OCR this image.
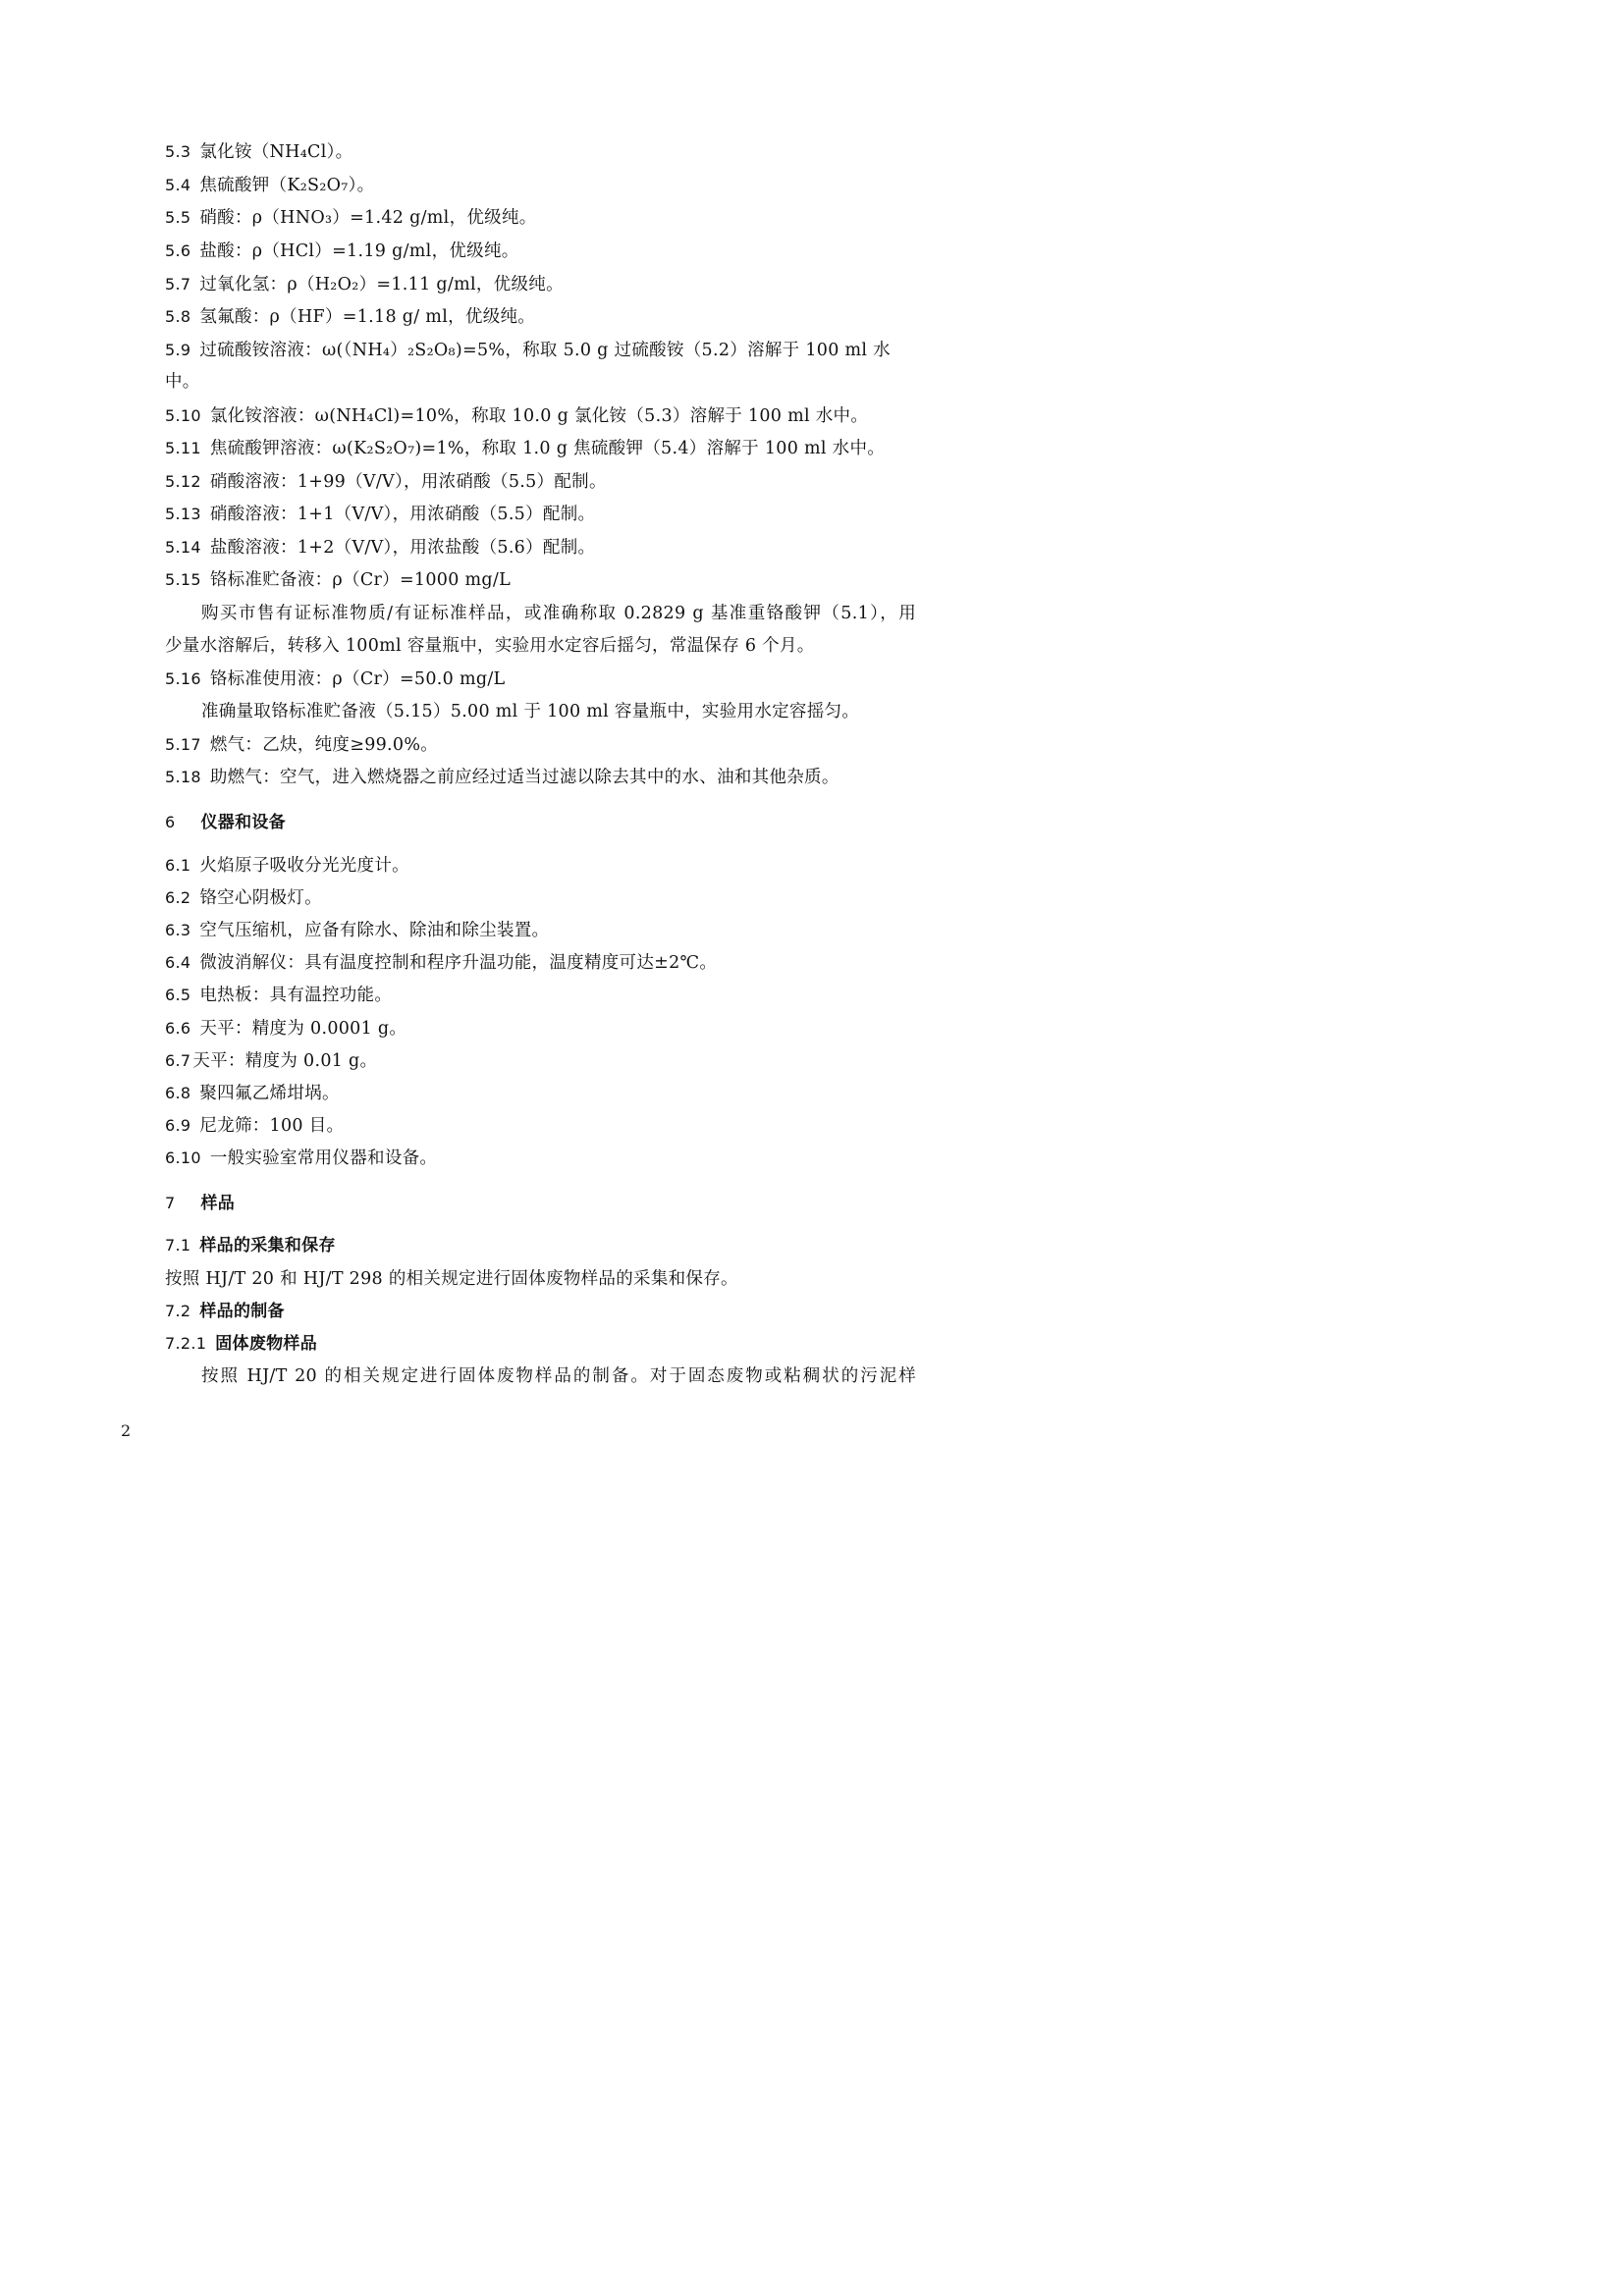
5.3 氯化铵（NH₄Cl）。
5.4 焦硫酸钾（K₂S₂O₇）。
5.5 硝酸：ρ（HNO₃）=1.42 g/ml，优级纯。
5.6 盐酸：ρ（HCl）=1.19 g/ml，优级纯。
5.7 过氧化氢：ρ（H₂O₂）=1.11 g/ml，优级纯。
5.8 氢氟酸：ρ（HF）=1.18 g/ ml，优级纯。
5.9 过硫酸铵溶液：ω(（NH₄）₂S₂O₈)=5%，称取 5.0 g 过硫酸铵（5.2）溶解于 100 ml 水
中。
5.10 氯化铵溶液：ω(NH₄Cl)=10%，称取 10.0 g 氯化铵（5.3）溶解于 100 ml 水中。
5.11 焦硫酸钾溶液：ω(K₂S₂O₇)=1%，称取 1.0 g 焦硫酸钾（5.4）溶解于 100 ml 水中。
5.12 硝酸溶液：1+99（V/V），用浓硝酸（5.5）配制。
5.13 硝酸溶液：1+1（V/V），用浓硝酸（5.5）配制。
5.14 盐酸溶液：1+2（V/V），用浓盐酸（5.6）配制。
5.15 铬标准贮备液：ρ（Cr）=1000 mg/L
购买市售有证标准物质/有证标准样品，或准确称取 0.2829 g 基准重铬酸钾（5.1），用
少量水溶解后，转移入 100ml 容量瓶中，实验用水定容后摇匀，常温保存 6 个月。
5.16 铬标准使用液：ρ（Cr）=50.0 mg/L
准确量取铬标准贮备液（5.15）5.00 ml 于 100 ml 容量瓶中，实验用水定容摇匀。
5.17 燃气：乙炔，纯度≥99.0%。
5.18 助燃气：空气，进入燃烧器之前应经过适当过滤以除去其中的水、油和其他杂质。
6 仪器和设备
6.1 火焰原子吸收分光光度计。
6.2 铬空心阴极灯。
6.3 空气压缩机，应备有除水、除油和除尘装置。
6.4 微波消解仪：具有温度控制和程序升温功能，温度精度可达±2℃。
6.5 电热板：具有温控功能。
6.6 天平：精度为 0.0001 g。
6.7 天平：精度为 0.01 g。
6.8 聚四氟乙烯坩埚。
6.9 尼龙筛：100 目。
6.10 一般实验室常用仪器和设备。
7 样品
7.1 样品的采集和保存
按照 HJ/T 20 和 HJ/T 298 的相关规定进行固体废物样品的采集和保存。
7.2 样品的制备
7.2.1 固体废物样品
按照 HJ/T 20 的相关规定进行固体废物样品的制备。对于固态废物或粘稠状的污泥样
2
